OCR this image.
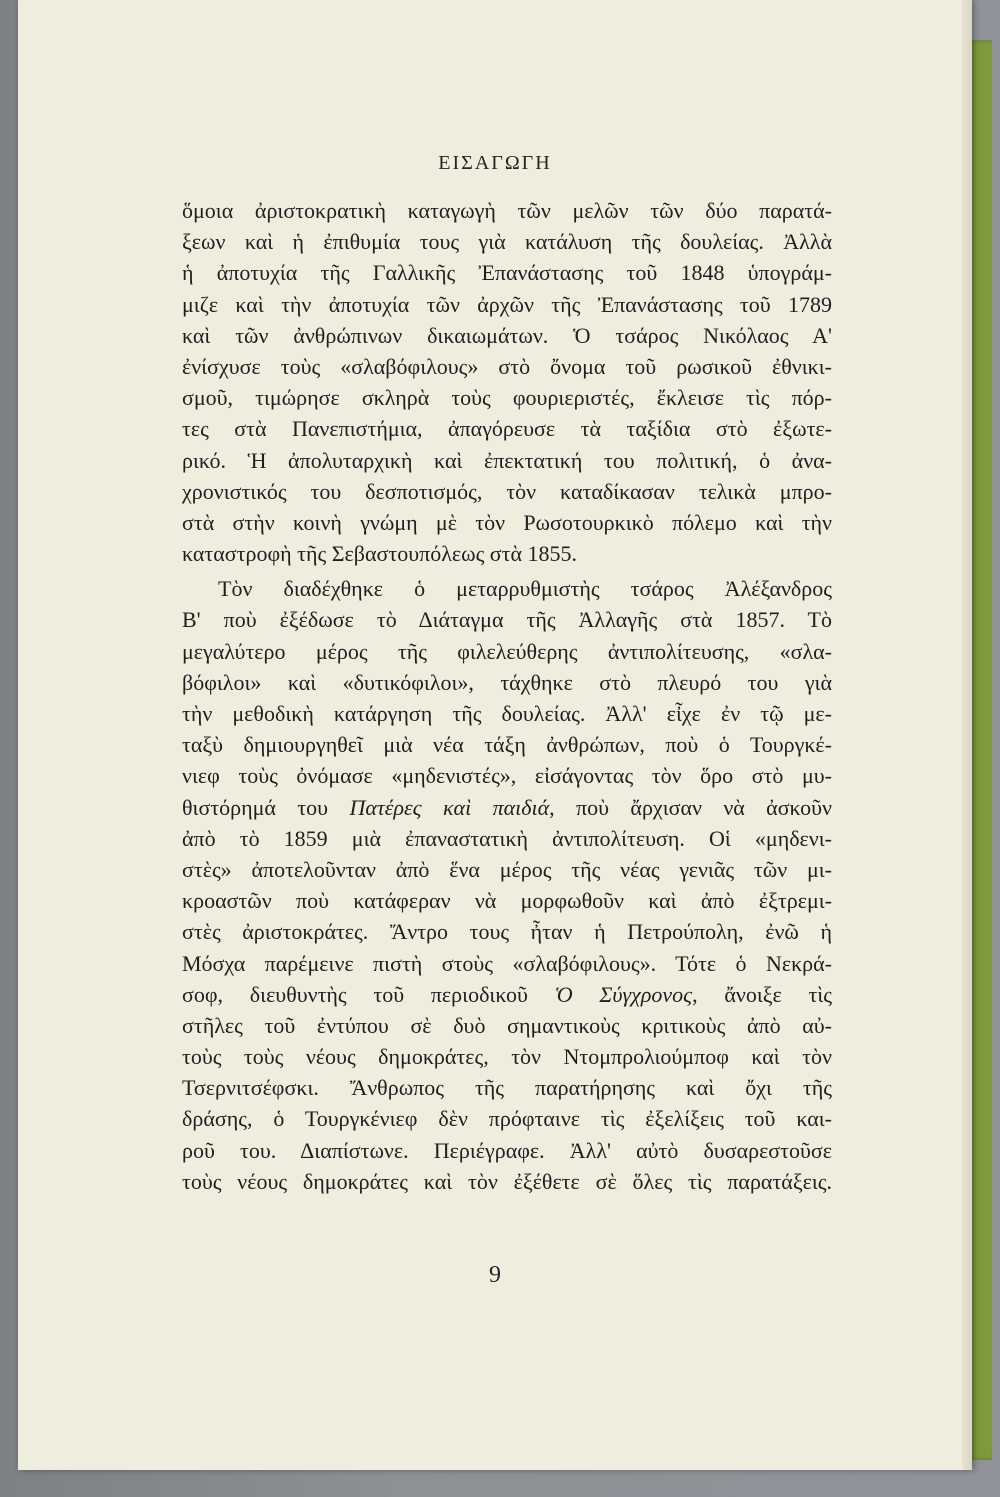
ΕΙΣΑΓΩΓΗ
ὅμοια ἀριστοκρατικὴ καταγωγὴ τῶν μελῶν τῶν δύο παρατά-
ξεων καὶ ἡ ἐπιθυμία τους γιὰ κατάλυση τῆς δουλείας. Ἀλλὰ
ἡ ἀποτυχία τῆς Γαλλικῆς Ἐπανάστασης τοῦ 1848 ὑπογράμ-
μιζε καὶ τὴν ἀποτυχία τῶν ἀρχῶν τῆς Ἐπανάστασης τοῦ 1789
καὶ τῶν ἀνθρώπινων δικαιωμάτων. Ὁ τσάρος Νικόλαος Α'
ἐνίσχυσε τοὺς «σλαβόφιλους» στὸ ὄνομα τοῦ ρωσικοῦ ἐθνικι-
σμοῦ, τιμώρησε σκληρὰ τοὺς φουριεριστές, ἔκλεισε τὶς πόρ-
τες στὰ Πανεπιστήμια, ἀπαγόρευσε τὰ ταξίδια στὸ ἐξωτε-
ρικό. Ἡ ἀπολυταρχικὴ καὶ ἐπεκτατική του πολιτική, ὁ ἀνα-
χρονιστικός του δεσποτισμός, τὸν καταδίκασαν τελικὰ μπρο-
στὰ στὴν κοινὴ γνώμη μὲ τὸν Ρωσοτουρκικὸ πόλεμο καὶ τὴν
καταστροφὴ τῆς Σεβαστουπόλεως στὰ 1855.
Τὸν διαδέχθηκε ὁ μεταρρυθμιστὴς τσάρος Ἀλέξανδρος
Β' ποὺ ἐξέδωσε τὸ Διάταγμα τῆς Ἀλλαγῆς στὰ 1857. Τὸ
μεγαλύτερο μέρος τῆς φιλελεύθερης ἀντιπολίτευσης, «σλα-
βόφιλοι» καὶ «δυτικόφιλοι», τάχθηκε στὸ πλευρό του γιὰ
τὴν μεθοδικὴ κατάργηση τῆς δουλείας. Ἀλλ' εἶχε ἐν τῷ με-
ταξὺ δημιουργηθεῖ μιὰ νέα τάξη ἀνθρώπων, ποὺ ὁ Τουργκέ-
νιεφ τοὺς ὀνόμασε «μηδενιστές», εἰσάγοντας τὸν ὅρο στὸ μυ-
θιστόρημά του Πατέρες καὶ παιδιά, ποὺ ἄρχισαν νὰ ἀσκοῦν
ἀπὸ τὸ 1859 μιὰ ἐπαναστατικὴ ἀντιπολίτευση. Οἱ «μηδενι-
στὲς» ἀποτελοῦνταν ἀπὸ ἕνα μέρος τῆς νέας γενιᾶς τῶν μι-
κροαστῶν ποὺ κατάφεραν νὰ μορφωθοῦν καὶ ἀπὸ ἐξτρεμι-
στὲς ἀριστοκράτες. Ἄντρο τους ἦταν ἡ Πετρούπολη, ἐνῶ ἡ
Μόσχα παρέμεινε πιστὴ στοὺς «σλαβόφιλους». Τότε ὁ Νεκρά-
σοφ, διευθυντὴς τοῦ περιοδικοῦ Ὁ Σύγχρονος, ἄνοιξε τὶς
στῆλες τοῦ ἐντύπου σὲ δυὸ σημαντικοὺς κριτικοὺς ἀπὸ αὐ-
τοὺς τοὺς νέους δημοκράτες, τὸν Ντομπρολιούμποφ καὶ τὸν
Τσερνιτσέφσκι. Ἄνθρωπος τῆς παρατήρησης καὶ ὄχι τῆς
δράσης, ὁ Τουργκένιεφ δὲν πρόφταινε τὶς ἐξελίξεις τοῦ και-
ροῦ του. Διαπίστωνε. Περιέγραφε. Ἀλλ' αὐτὸ δυσαρεστοῦσε
τοὺς νέους δημοκράτες καὶ τὸν ἐξέθετε σὲ ὅλες τὶς παρατάξεις.
9
